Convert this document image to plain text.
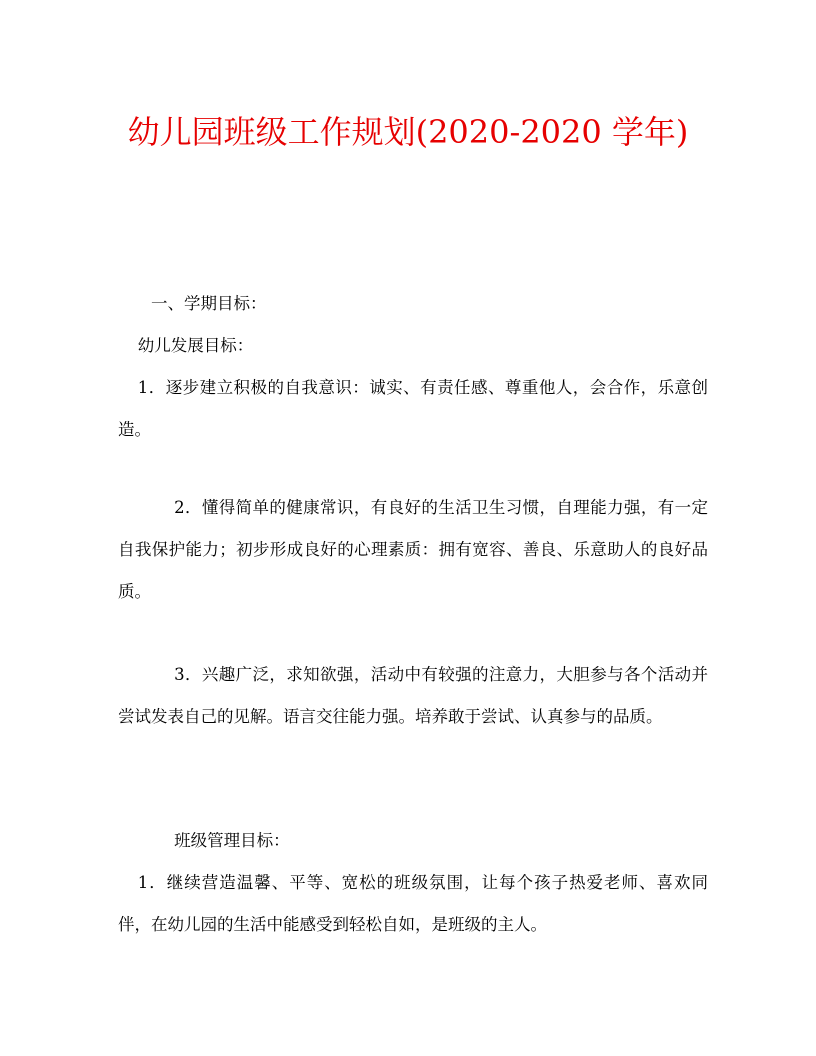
幼儿园班级工作规划(2020-2020 学年)

一、学期目标：

幼儿发展目标：

1．逐步建立积极的自我意识：诚实、有责任感、尊重他人，会合作，乐意创造。

2．懂得简单的健康常识，有良好的生活卫生习惯，自理能力强，有一定自我保护能力；初步形成良好的心理素质：拥有宽容、善良、乐意助人的良好品质。

3．兴趣广泛，求知欲强，活动中有较强的注意力，大胆参与各个活动并尝试发表自己的见解。语言交往能力强。培养敢于尝试、认真参与的品质。

班级管理目标：

1．继续营造温馨、平等、宽松的班级氛围，让每个孩子热爱老师、喜欢同伴，在幼儿园的生活中能感受到轻松自如，是班级的主人。
